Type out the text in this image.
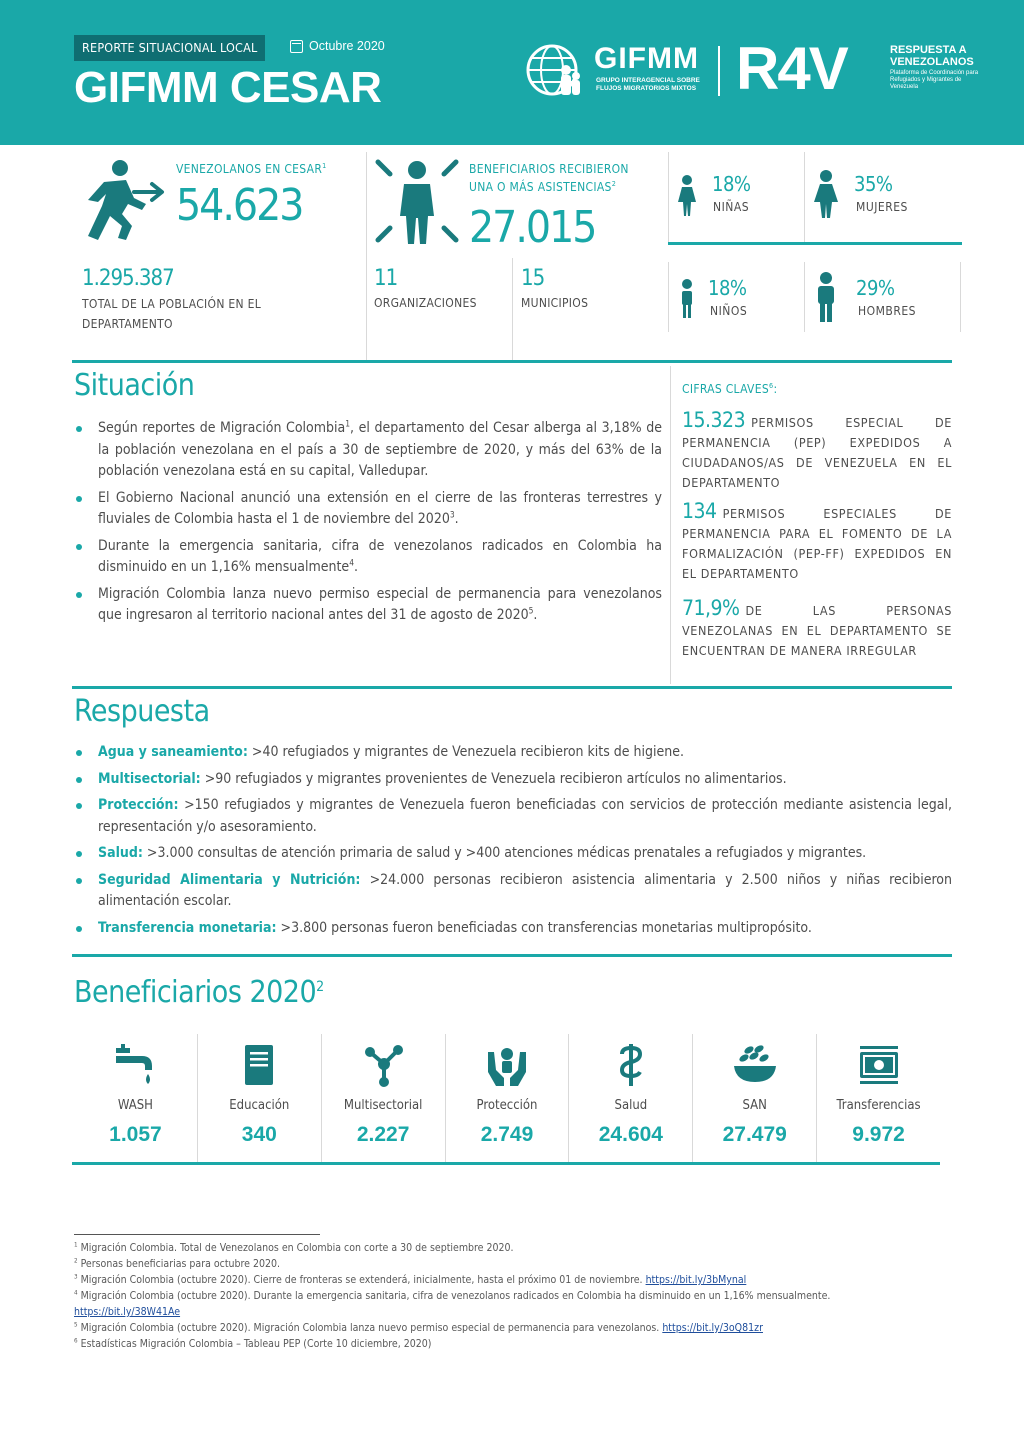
REPORTE SITUACIONAL LOCAL	Octubre 2020
GIFMM CESAR
GIFMM
GRUPO INTERAGENCIAL SOBRE FLUJOS MIGRATORIOS MIXTOS R4V	RESPUESTA A VENEZOLANOS
Plataforma de Coordinación para Refugiados y Migrantes de Venezuela
VENEZOLANOS EN CESAR$^1$
54.623
BENEFICIARIOS RECIBIERON
UNA O MÁS ASISTENCIAS$^2$
27.015
1.295.387
TOTAL DE LA POBLACIÓN EN EL DEPARTAMENTO
11
ORGANIZACIONES
15
MUNICIPIOS
18%
NIÑAS
35%
MUJERES
18%
NIÑOS
29%
HOMBRES
Situación
Según reportes de Migración Colombia$^1$, el departamento del Cesar alberga al 3,18% de la población venezolana en el país a 30 de septiembre de 2020, y más del 63% de la población venezolana está en su capital, Valledupar.
El Gobierno Nacional anunció una extensión en el cierre de las fronteras terrestres y fluviales de Colombia hasta el 1 de noviembre del 2020$^3$.
Durante la emergencia sanitaria, cifra de venezolanos radicados en Colombia ha disminuido en un 1,16% mensualmente$^4$.
Migración Colombia lanza nuevo permiso especial de permanencia para venezolanos que ingresaron al territorio nacional antes del 31 de agosto de 2020$^5$.
CIFRAS CLAVES$^6$:
15.323 PERMISOS ESPECIAL DE PERMANENCIA (PEP) EXPEDIDOS A CIUDADANOS/AS DE VENEZUELA EN EL DEPARTAMENTO
134 PERMISOS ESPECIALES DE PERMANENCIA PARA EL FOMENTO DE LA FORMALIZACIÓN (PEP-FF) EXPEDIDOS EN EL DEPARTAMENTO
71,9% DE LAS PERSONAS VENEZOLANAS EN EL DEPARTAMENTO SE ENCUENTRAN DE MANERA IRREGULAR
Respuesta
Agua y saneamiento: >40 refugiados y migrantes de Venezuela recibieron kits de higiene.
Multisectorial: >90 refugiados y migrantes provenientes de Venezuela recibieron artículos no alimentarios.
Protección: >150 refugiados y migrantes de Venezuela fueron beneficiadas con servicios de protección mediante asistencia legal, representación y/o asesoramiento.
Salud: >3.000 consultas de atención primaria de salud y >400 atenciones médicas prenatales a refugiados y migrantes.
Seguridad Alimentaria y Nutrición: >24.000 personas recibieron asistencia alimentaria y 2.500 niños y niñas recibieron alimentación escolar.
Transferencia monetaria: >3.800 personas fueron beneficiadas con transferencias monetarias multipropósito.
Beneficiarios 2020$^2$
WASH
1.057
Educación
340
Multisectorial
2.227
Protección
2.749
Salud
24.604
SAN
27.479
Transferencias
9.972
$^1$ Migración Colombia. Total de Venezolanos en Colombia con corte a 30 de septiembre 2020.
$^2$ Personas beneficiarias para octubre 2020.
$^3$ Migración Colombia (octubre 2020). Cierre de fronteras se extenderá, inicialmente, hasta el próximo 01 de noviembre. https://bit.ly/3bMynal
$^4$ Migración Colombia (octubre 2020). Durante la emergencia sanitaria, cifra de venezolanos radicados en Colombia ha disminuido en un 1,16% mensualmente. https://bit.ly/38W41Ae
$^5$ Migración Colombia (octubre 2020). Migración Colombia lanza nuevo permiso especial de permanencia para venezolanos. https://bit.ly/3oQ81zr
$^6$ Estadísticas Migración Colombia – Tableau PEP (Corte 10 diciembre, 2020)
